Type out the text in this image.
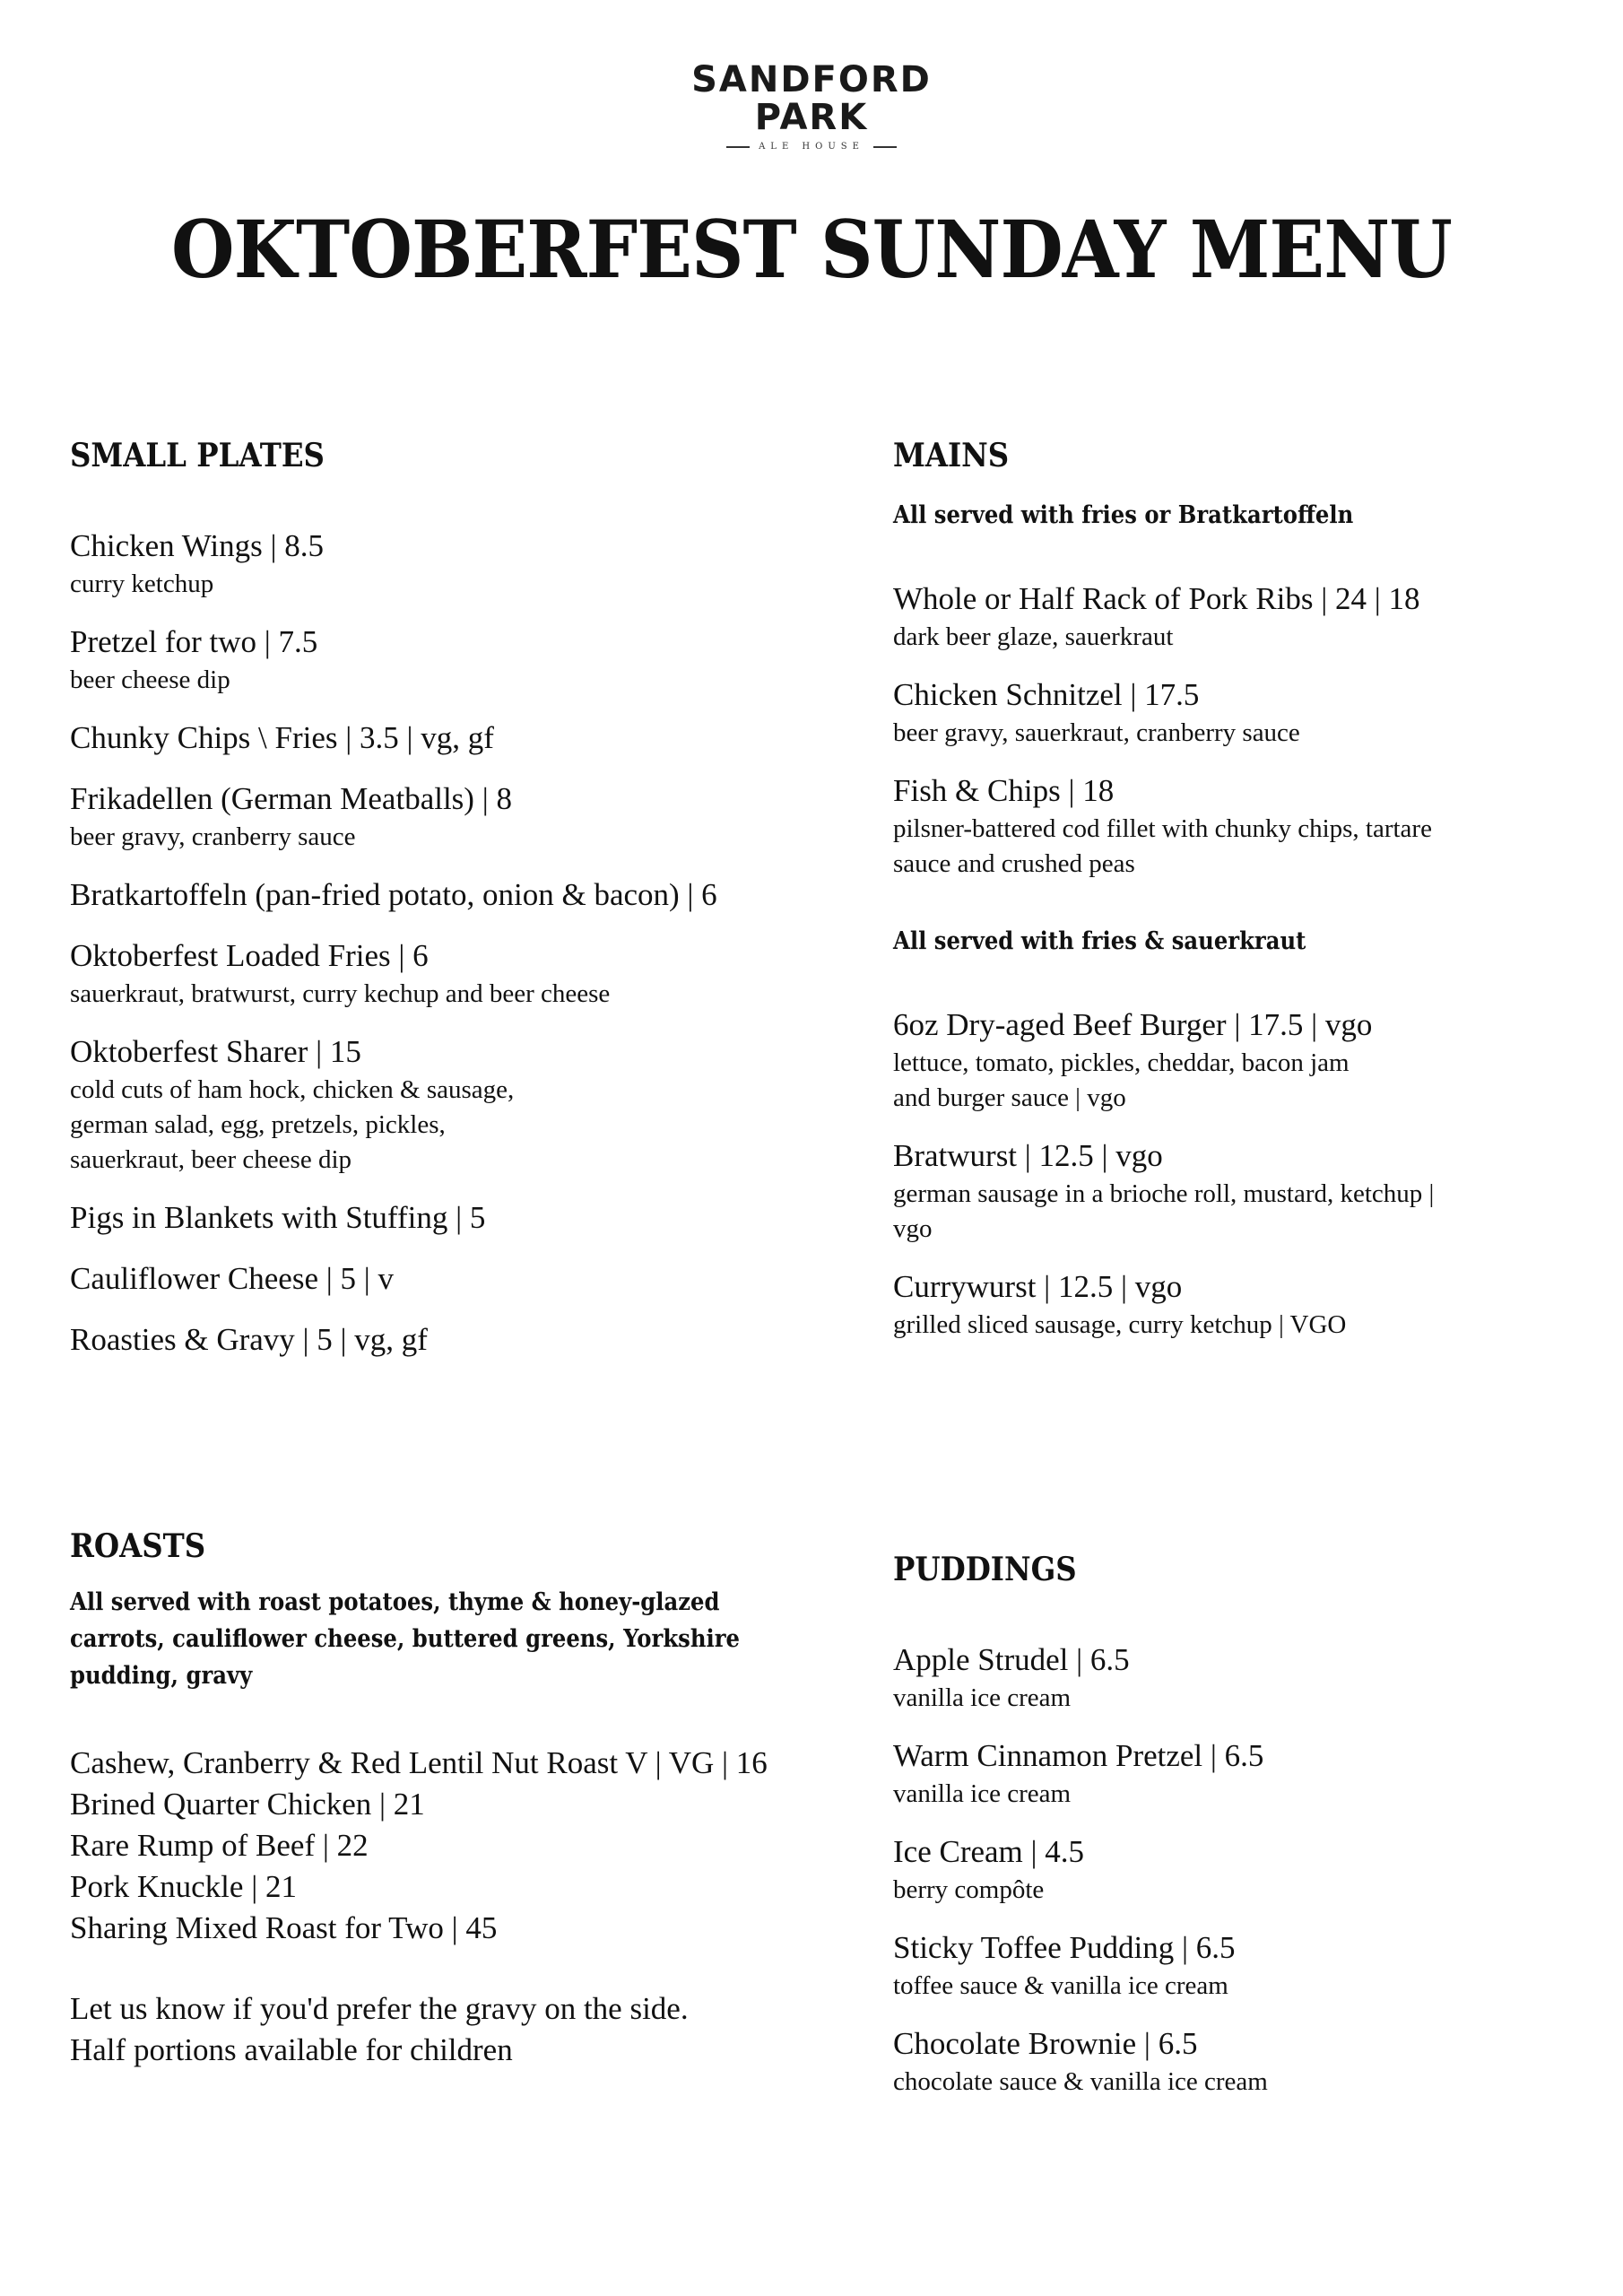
SANDFORD
PARK
ALE HOUSE
OKTOBERFEST SUNDAY MENU
SMALL PLATES
Chicken Wings | 8.5
curry ketchup
Pretzel for two | 7.5
beer cheese dip
Chunky Chips \ Fries | 3.5 | vg, gf
Frikadellen (German Meatballs) | 8
beer gravy, cranberry sauce
Bratkartoffeln (pan-fried potato, onion & bacon) | 6
Oktoberfest Loaded Fries | 6
sauerkraut, bratwurst, curry kechup and beer cheese
Oktoberfest Sharer | 15
cold cuts of ham hock, chicken & sausage,
german salad, egg, pretzels, pickles,
sauerkraut, beer cheese dip
Pigs in Blankets with Stuffing | 5
Cauliflower Cheese | 5 | v
Roasties & Gravy | 5 | vg, gf
MAINS
All served with fries or Bratkartoffeln
Whole or Half Rack of Pork Ribs | 24 | 18
dark beer glaze, sauerkraut
Chicken Schnitzel | 17.5
beer gravy, sauerkraut, cranberry sauce
Fish & Chips | 18
pilsner-battered cod fillet with chunky chips, tartare
sauce and crushed peas
All served with fries & sauerkraut
6oz Dry-aged Beef Burger | 17.5 | vgo
lettuce, tomato, pickles, cheddar, bacon jam
and burger sauce | vgo
Bratwurst | 12.5 | vgo
german sausage in a brioche roll, mustard, ketchup |
vgo
Currywurst | 12.5 | vgo
grilled sliced sausage, curry ketchup | VGO
ROASTS
All served with roast potatoes, thyme & honey-glazed
carrots, cauliflower cheese, buttered greens, Yorkshire
pudding, gravy
Cashew, Cranberry & Red Lentil Nut Roast V | VG | 16
Brined Quarter Chicken | 21
Rare Rump of Beef | 22
Pork Knuckle | 21
Sharing Mixed Roast for Two | 45
Let us know if you'd prefer the gravy on the side.
Half portions available for children
PUDDINGS
Apple Strudel | 6.5
vanilla ice cream
Warm Cinnamon Pretzel | 6.5
vanilla ice cream
Ice Cream | 4.5
berry compôte
Sticky Toffee Pudding | 6.5
toffee sauce & vanilla ice cream
Chocolate Brownie | 6.5
chocolate sauce & vanilla ice cream
